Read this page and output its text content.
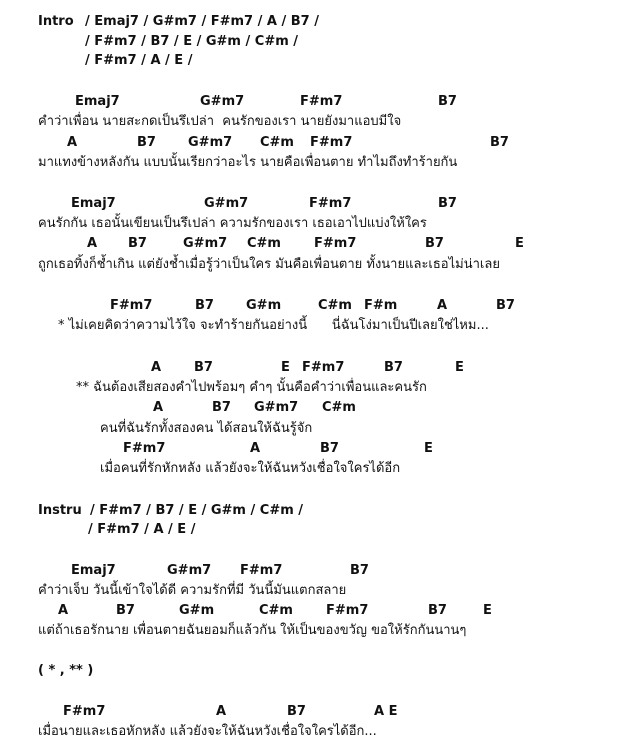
Intro / Emaj7 / G#m7 / F#m7 / A / B7 /
/ F#m7 / B7 / E / G#m / C#m /
/ F#m7 / A / E /
คำว่าเพื่อน นายสะกดเป็นรึเปล่า  คนรักของเรา นายยังมาแอบมีใจ
มาแทงข้างหลังกัน แบบนั้นเรียกว่าอะไร นายคือเพื่อนตาย ทำไมถึงทำร้ายกัน
คนรักกัน เธอนั้นเขียนเป็นรึเปล่า ความรักของเรา เธอเอาไปแบ่งให้ใคร
ถูกเธอทิ้งก็ช้ำเกิน แต่ยังช้ำเมื่อรู้ว่าเป็นใคร มันคือเพื่อนตาย ทั้งนายและเธอไม่น่าเลย
* ไม่เคยคิดว่าความไว้ใจ จะทำร้ายกันอย่างนี้      นี่ฉันโง่มาเป็นปีเลยใช่ไหม...
** ฉันต้องเสียสองคำไปพร้อมๆ คำๆ นั้นคือคำว่าเพื่อนและคนรัก
คนที่ฉันรักทั้งสองคน ได้สอนให้ฉันรู้จัก
เมื่อคนที่รักหักหลัง แล้วยังจะให้ฉันหวังเชื่อใจใครได้อีก
Instru / F#m7 / B7 / E / G#m / C#m /
/ F#m7 / A / E /
คำว่าเจ็บ วันนี้เข้าใจได้ดี ความรักที่มี วันนี้มันแตกสลาย
แต่ถ้าเธอรักนาย เพื่อนตายฉันยอมก็แล้วกัน ให้เป็นของขวัญ ขอให้รักกันนานๆ
( * , ** )
เมื่อนายและเธอหักหลัง แล้วยังจะให้ฉันหวังเชื่อใจใครได้อีก...
Emaj7	G#m7	F#m7	B7
A	B7 G#m7 C#m F#m7	B7
Emaj7	G#m7	F#m7	B7
A B7	G#m7 C#m	F#m7	B7	E
F#m7	B7 G#m	C#m F#m	A	B7
A	B7	E F#m7	B7	E
A	B7 G#m7 C#m
F#m7	A	B7	E
Emaj7	G#m7 F#m7	B7
A	B7	G#m	C#m	F#m7	B7	E
F#m7	A	B7	A E
